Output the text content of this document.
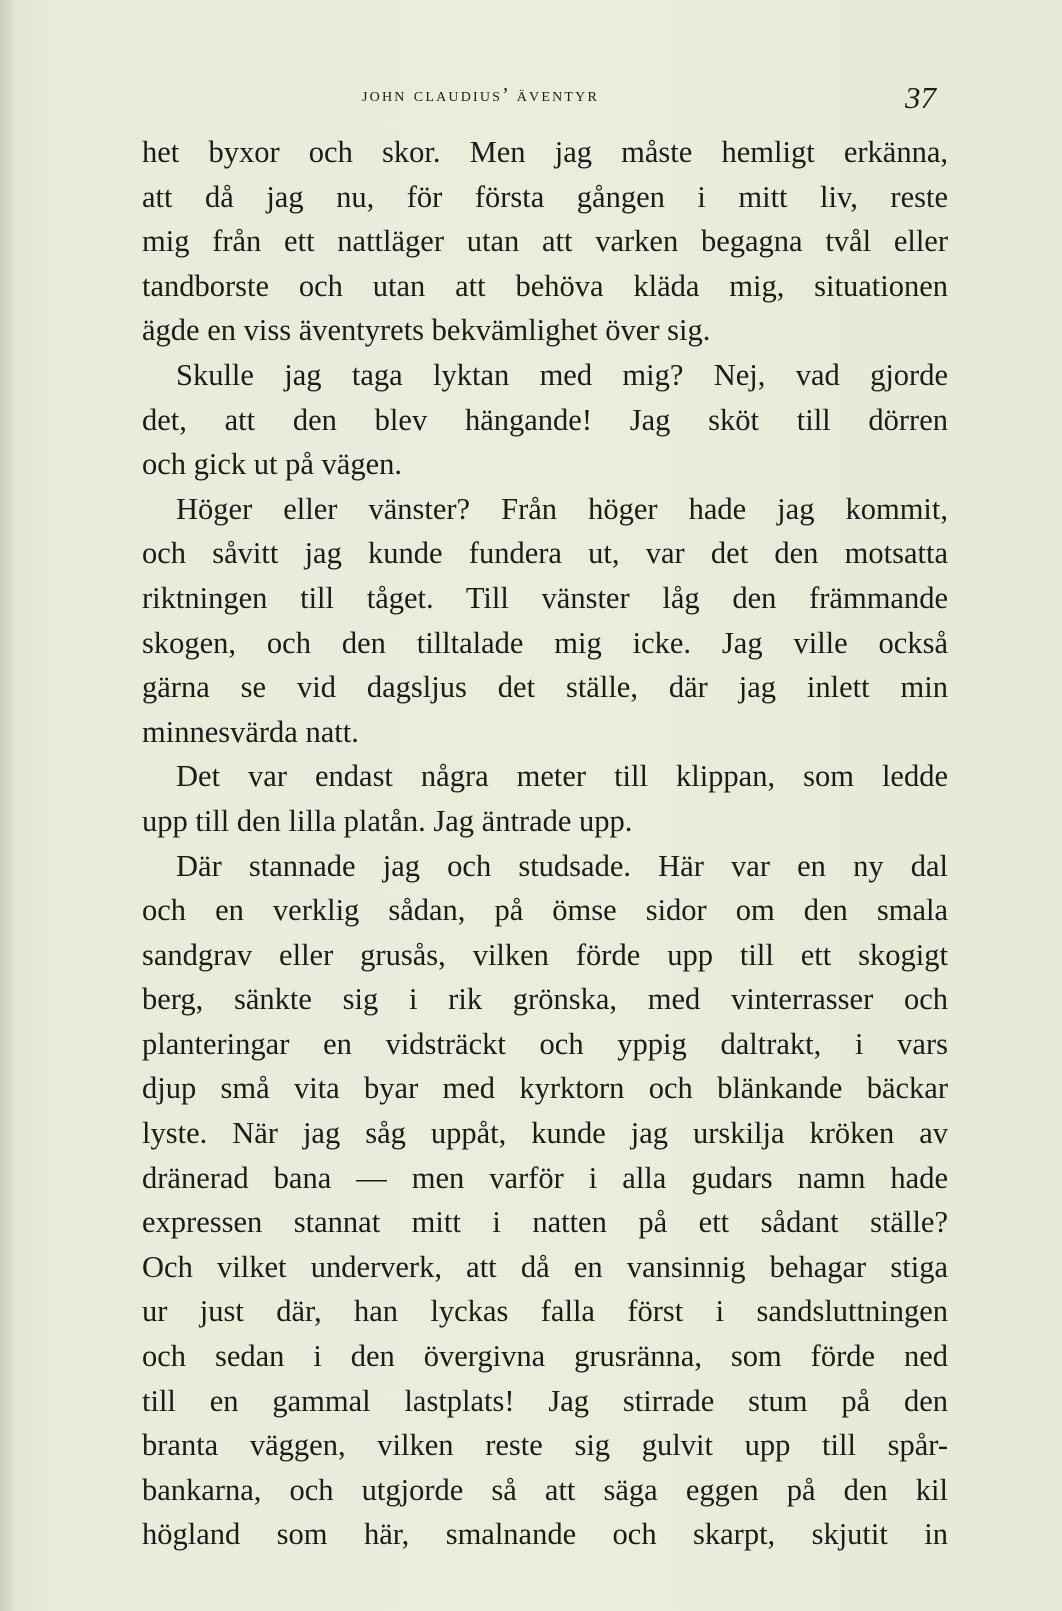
john claudius’ äventyr	37
het byxor och skor. Men jag måste hemligt erkänna,
att då jag nu, för första gången i mitt liv, reste
mig från ett nattläger utan att varken begagna tvål eller
tandborste och utan att behöva kläda mig, situationen
ägde en viss äventyrets bekvämlighet över sig.
Skulle jag taga lyktan med mig? Nej, vad gjorde
det, att den blev hängande! Jag sköt till dörren
och gick ut på vägen.
Höger eller vänster? Från höger hade jag kommit,
och såvitt jag kunde fundera ut, var det den motsatta
riktningen till tåget. Till vänster låg den främmande
skogen, och den tilltalade mig icke. Jag ville också
gärna se vid dagsljus det ställe, där jag inlett min
minnesvärda natt.
Det var endast några meter till klippan, som ledde
upp till den lilla platån. Jag äntrade upp.
Där stannade jag och studsade. Här var en ny dal
och en verklig sådan, på ömse sidor om den smala
sandgrav eller grusås, vilken förde upp till ett skogigt
berg, sänkte sig i rik grönska, med vinterrasser och
planteringar en vidsträckt och yppig daltrakt, i vars
djup små vita byar med kyrktorn och blänkande bäckar
lyste. När jag såg uppåt, kunde jag urskilja kröken av
dränerad bana — men varför i alla gudars namn hade
expressen stannat mitt i natten på ett sådant ställe?
Och vilket underverk, att då en vansinnig behagar stiga
ur just där, han lyckas falla först i sandsluttningen
och sedan i den övergivna grusränna, som förde ned
till en gammal lastplats! Jag stirrade stum på den
branta väggen, vilken reste sig gulvit upp till spår-
bankarna, och utgjorde så att säga eggen på den kil
högland som här, smalnande och skarpt, skjutit in
